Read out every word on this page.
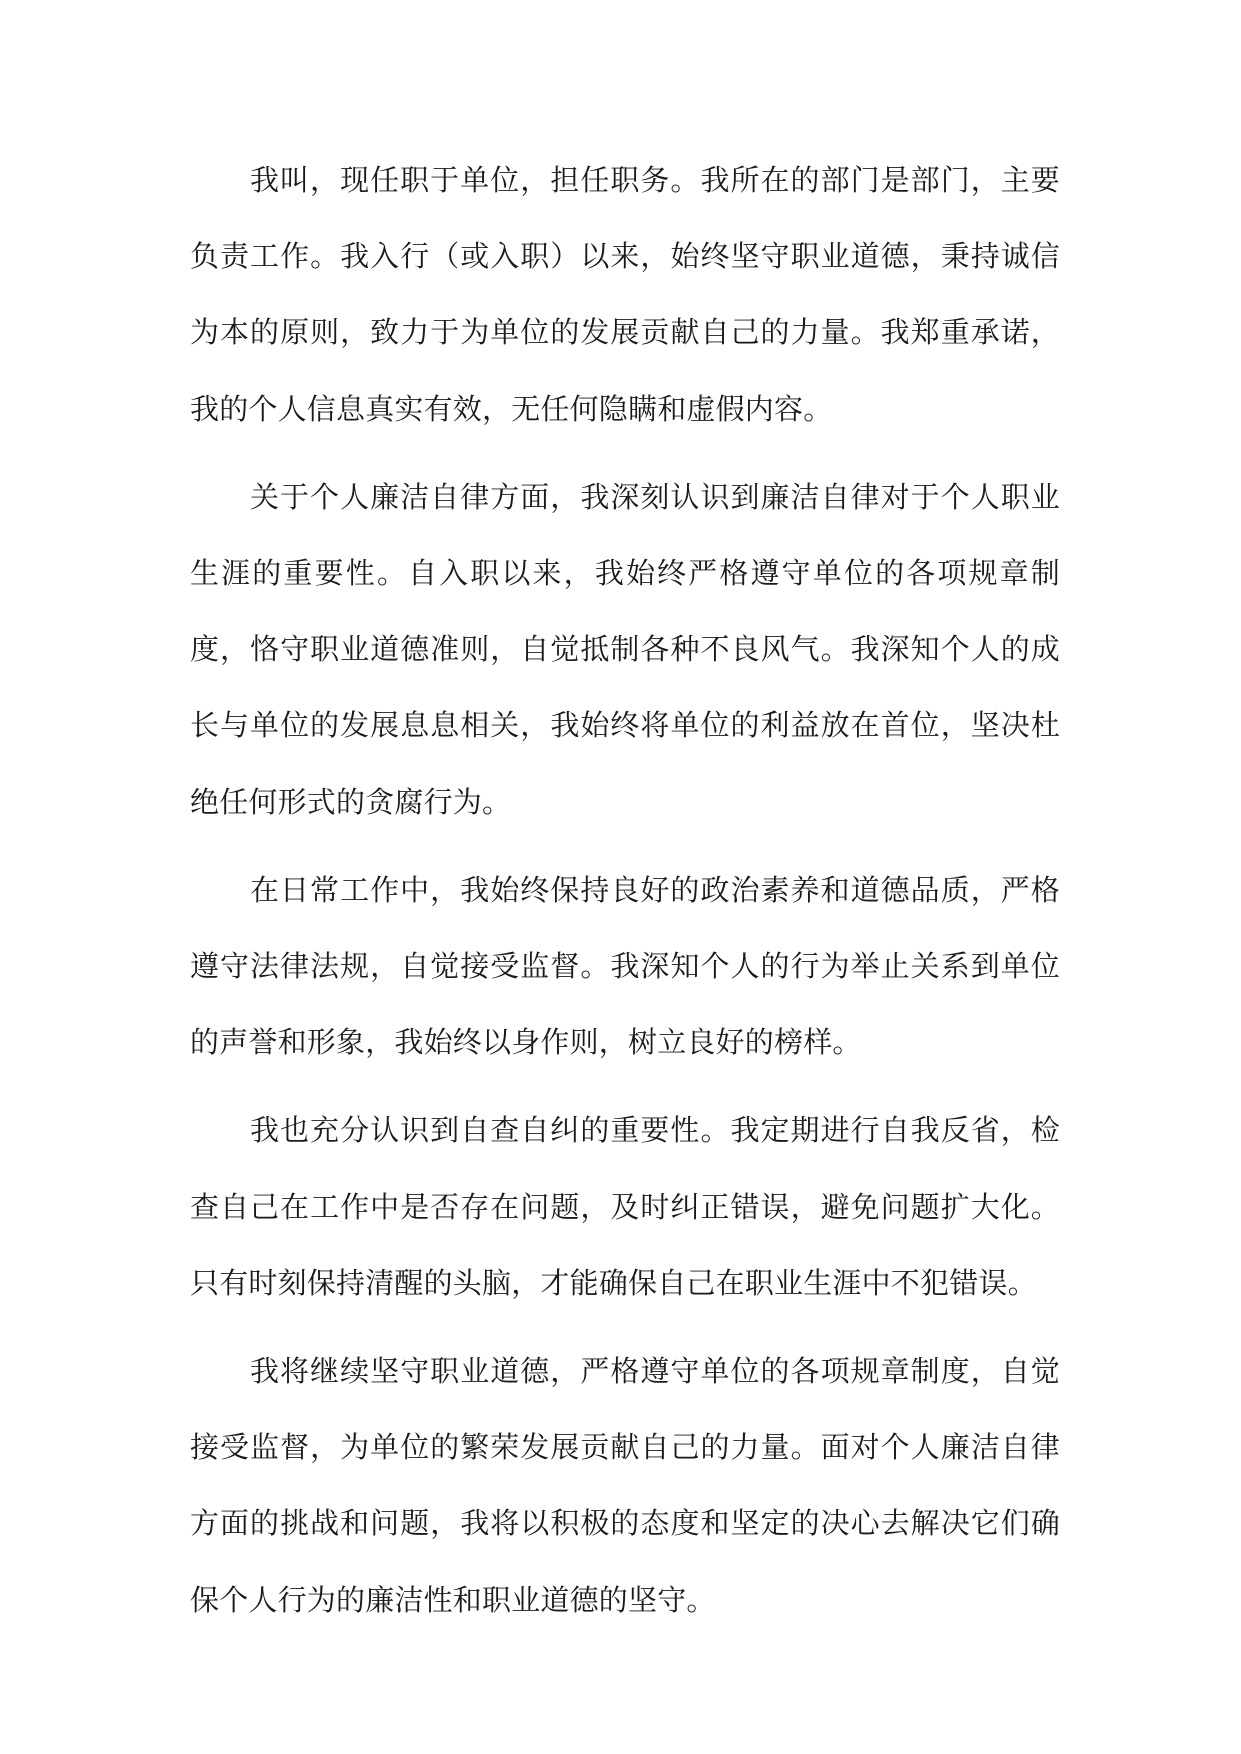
我叫，现任职于单位，担任职务。我所在的部门是部门，主要负责工作。我入行（或入职）以来，始终坚守职业道德，秉持诚信为本的原则，致力于为单位的发展贡献自己的力量。我郑重承诺，我的个人信息真实有效，无任何隐瞒和虚假内容。

关于个人廉洁自律方面，我深刻认识到廉洁自律对于个人职业生涯的重要性。自入职以来，我始终严格遵守单位的各项规章制度，恪守职业道德准则，自觉抵制各种不良风气。我深知个人的成长与单位的发展息息相关，我始终将单位的利益放在首位，坚决杜绝任何形式的贪腐行为。

在日常工作中，我始终保持良好的政治素养和道德品质，严格遵守法律法规，自觉接受监督。我深知个人的行为举止关系到单位的声誉和形象，我始终以身作则，树立良好的榜样。

我也充分认识到自查自纠的重要性。我定期进行自我反省，检查自己在工作中是否存在问题，及时纠正错误，避免问题扩大化。只有时刻保持清醒的头脑，才能确保自己在职业生涯中不犯错误。

我将继续坚守职业道德，严格遵守单位的各项规章制度，自觉接受监督，为单位的繁荣发展贡献自己的力量。面对个人廉洁自律方面的挑战和问题，我将以积极的态度和坚定的决心去解决它们确保个人行为的廉洁性和职业道德的坚守。
